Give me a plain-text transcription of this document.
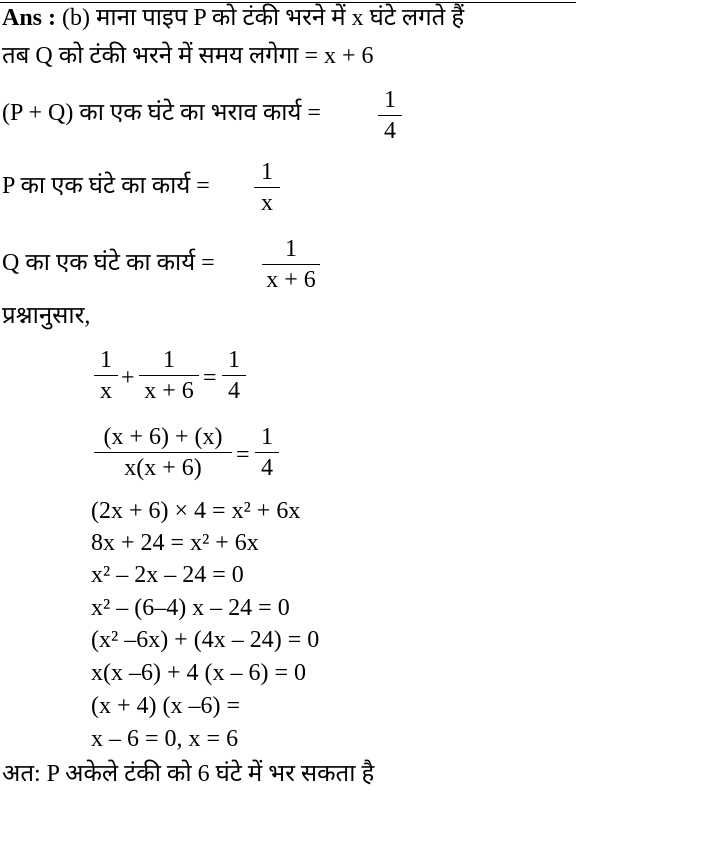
Ans : (b) माना पाइप P को टंकी भरने में x घंटे लगते हैं
तब Q को टंकी भरने में समय लगेगा = x + 6
(P + Q) का एक घंटे का भराव कार्य =	1
4
P का एक घंटे का कार्य =
1
x
Q का एक घंटे का कार्य =
1
x + 6
प्रश्नानुसार,
1
x +
1
x + 6 =
1
4
(x + 6) + (x)
x(x + 6)	=
1
4
(2x + 6) × 4 = x² + 6x
8x + 24 = x² + 6x
x² – 2x – 24 = 0
x² – (6–4) x – 24 = 0
(x² –6x) + (4x – 24) = 0
x(x –6) + 4 (x – 6) = 0
(x + 4) (x –6) =
x – 6 = 0, x = 6
अत: P अकेले टंकी को 6 घंटे में भर सकता है
